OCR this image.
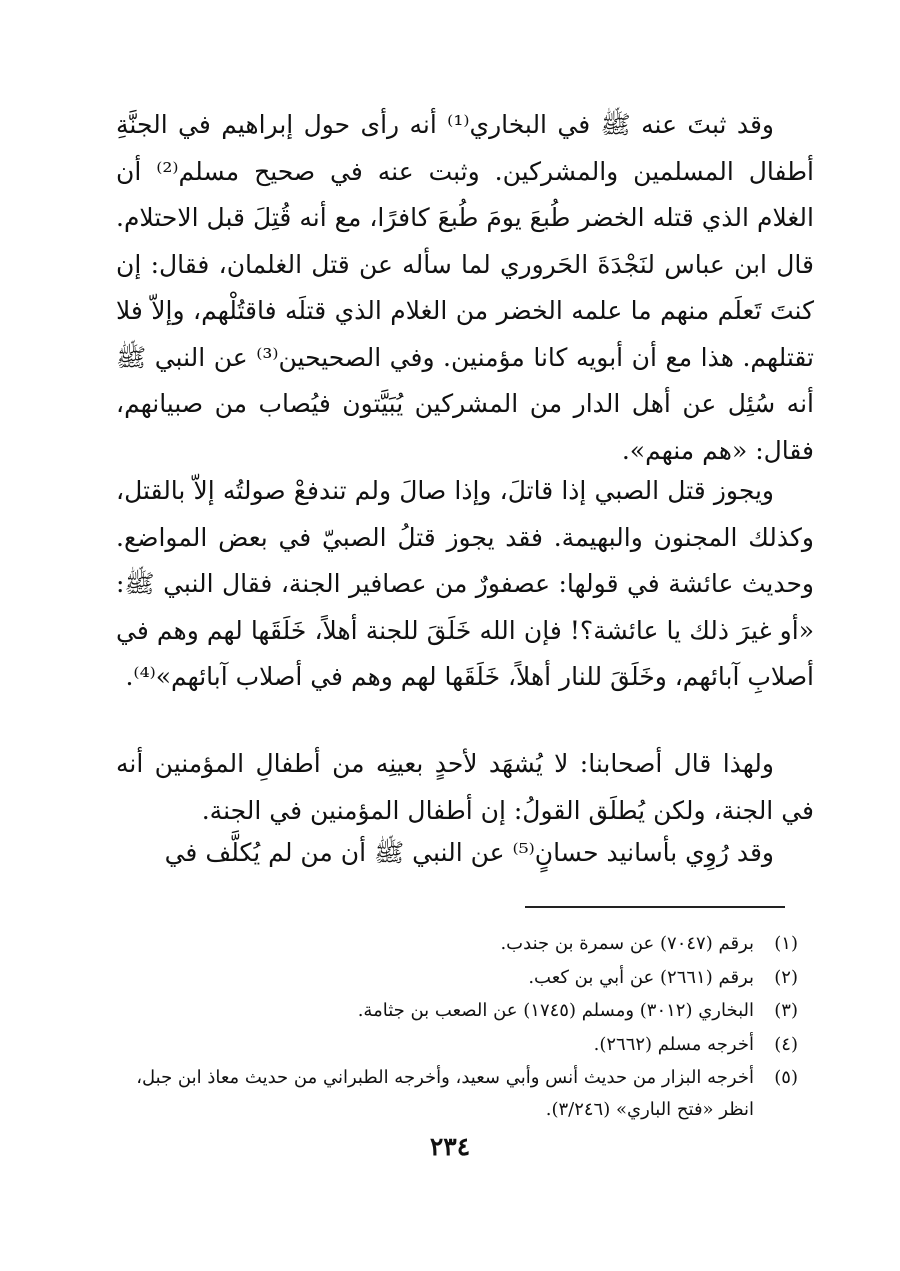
وقد ثبتَ عنه ﷺ في البخاري⁽¹⁾ أنه رأى حول إبراهيم في الجنَّةِ أطفال المسلمين والمشركين. وثبت عنه في صحيح مسلم⁽²⁾ أن الغلام الذي قتله الخضر طُبعَ يومَ طُبعَ كافرًا، مع أنه قُتِلَ قبل الاحتلام. قال ابن عباس لنَجْدَةَ الحَروري لما سأله عن قتل الغلمان، فقال: إن كنتَ تَعلَم منهم ما علمه الخضر من الغلام الذي قتلَه فاقتُلْهم، وإلاّ فلا تقتلهم. هذا مع أن أبويه كانا مؤمنين. وفي الصحيحين⁽³⁾ عن النبي ﷺ أنه سُئِل عن أهل الدار من المشركين يُبَيَّتون فيُصاب من صبيانهم، فقال: «هم منهم».

ويجوز قتل الصبي إذا قاتلَ، وإذا صالَ ولم تندفعْ صولتُه إلاّ بالقتل، وكذلك المجنون والبهيمة. فقد يجوز قتلُ الصبيّ في بعض المواضع. وحديث عائشة في قولها: عصفورٌ من عصافير الجنة، فقال النبي ﷺ: «أو غيرَ ذلك يا عائشة؟! فإن الله خَلَقَ للجنة أهلاً، خَلَقَها لهم وهم في أصلابِ آبائهم، وخَلَقَ للنار أهلاً، خَلَقَها لهم وهم في أصلاب آبائهم»⁽⁴⁾.

ولهذا قال أصحابنا: لا يُشهَد لأحدٍ بعينِه من أطفالِ المؤمنين أنه في الجنة، ولكن يُطلَق القولُ: إن أطفال المؤمنين في الجنة.

وقد رُوِي بأسانيد حسانٍ⁽⁵⁾ عن النبي ﷺ أن من لم يُكلَّف في

(١)
برقم (٧٠٤٧) عن سمرة بن جندب.
(٢)
برقم (٢٦٦١) عن أبي بن كعب.
(٣)
البخاري (٣٠١٢) ومسلم (١٧٤٥) عن الصعب بن جثامة.
(٤)
أخرجه مسلم (٢٦٦٢).
(٥)
أخرجه البزار من حديث أنس وأبي سعيد، وأخرجه الطبراني من حديث معاذ ابن جبل، انظر «فتح الباري» (٣/٢٤٦).
٢٣٤
